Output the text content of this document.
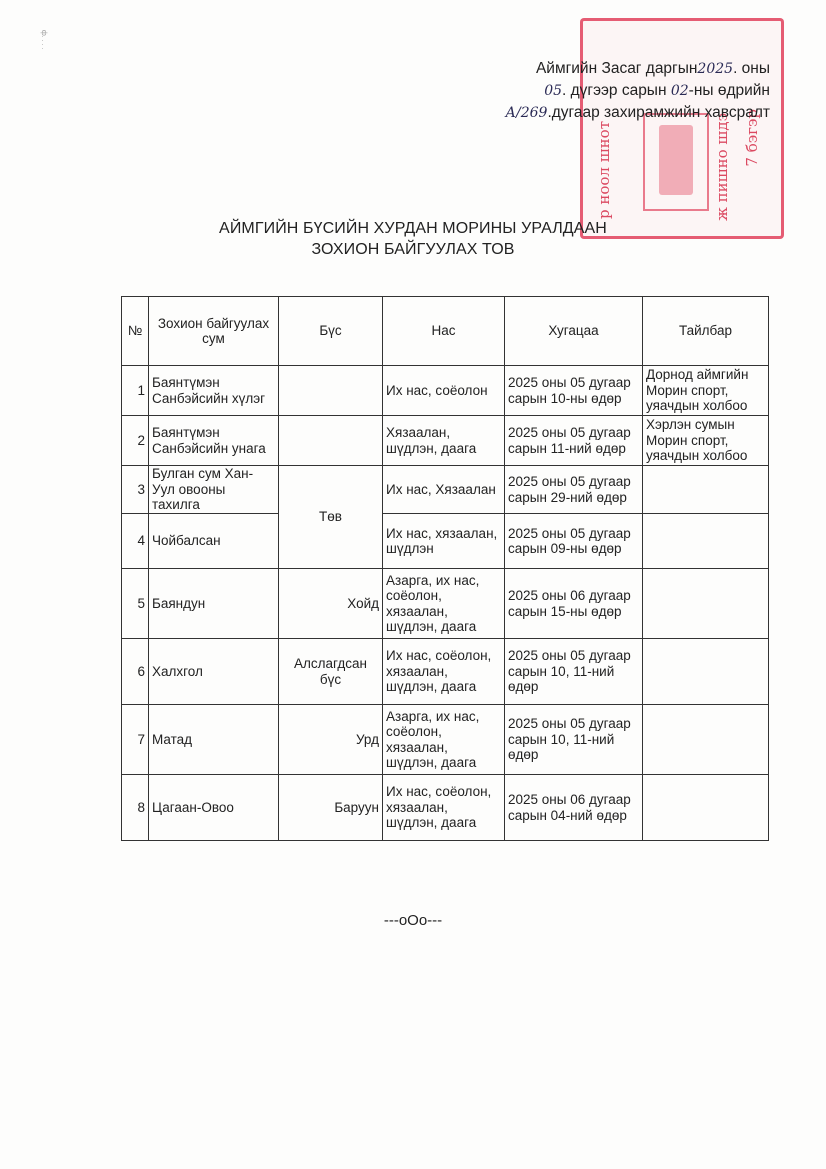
ф. . . .
р ноол шнот	ж пишно шдэ 7 бэгэр
Аймгийн Засаг даргын2025. оны
05. дүгээр сарын 02-ны өдрийн
А/269.дугаар захирамжийн хавсралт
АЙМГИЙН БҮСИЙН ХУРДАН МОРИНЫ УРАЛДААН
ЗОХИОН БАЙГУУЛАХ ТОВ
№	Зохион байгуулах сум	Бүс	Нас	Хугацаа	Тайлбар
1	Баянтүмэн Санбэйсийн хүлэг		Их нас, соёолон	2025 оны 05 дугаар сарын 10-ны өдөр	Дорнод аймгийн Морин спорт, уяачдын холбоо
2	Баянтүмэн Санбэйсийн унага		Хязаалан, шүдлэн, даага	2025 оны 05 дугаар сарын 11-ний өдөр	Хэрлэн сумын Морин спорт, уяачдын холбоо
3	Булган сум Хан-Уул овооны тахилга	Төв	Их нас, Хязаалан	2025 оны 05 дугаар сарын 29-ний өдөр	
4	Чойбалсан		Их нас, хязаалан, шүдлэн	2025 оны 05 дугаар сарын 09-ны өдөр	
5	Баяндун	Хойд	Азарга, их нас, соёолон, хязаалан, шүдлэн, даага	2025 оны 06 дугаар сарын 15-ны өдөр	
6	Халхгол	Алслагдсан бүс	Их нас, соёолон, хязаалан, шүдлэн, даага	2025 оны 05 дугаар сарын 10, 11-ний өдөр	
7	Матад	Урд	Азарга, их нас, соёолон, хязаалан, шүдлэн, даага	2025 оны 05 дугаар сарын 10, 11-ний өдөр	
8	Цагаан-Овоо	Баруун	Их нас, соёолон, хязаалан, шүдлэн, даага	2025 оны 06 дугаар сарын 04-ний өдөр	
---oOo---
